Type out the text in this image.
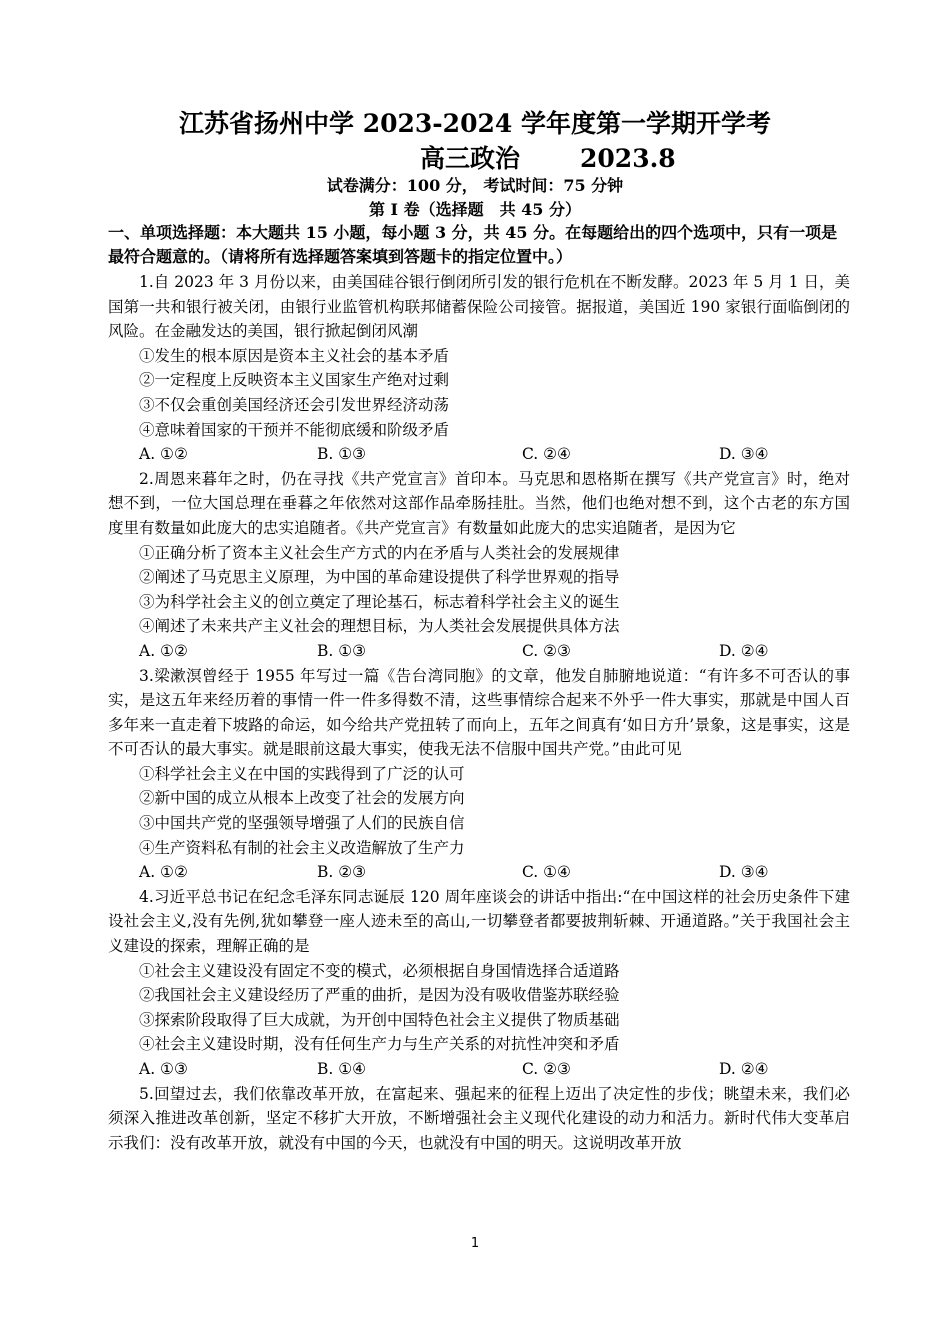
江苏省扬州中学 2023-2024 学年度第一学期开学考
高三政治 2023.8
试卷满分：100 分， 考试时间：75 分钟
第 Ⅰ 卷（选择题　共 45 分）
一、单项选择题：本大题共 15 小题，每小题 3 分，共 45 分。在每题给出的四个选项中，只有一项是最符合题意的。（请将所有选择题答案填到答题卡的指定位置中。）

1.自 2023 年 3 月份以来，由美国硅谷银行倒闭所引发的银行危机在不断发酵。2023 年 5 月 1 日，美国第一共和银行被关闭，由银行业监管机构联邦储蓄保险公司接管。据报道，美国近 190 家银行面临倒闭的风险。在金融发达的美国，银行掀起倒闭风潮

①发生的根本原因是资本主义社会的基本矛盾

②一定程度上反映资本主义国家生产绝对过剩

③不仅会重创美国经济还会引发世界经济动荡

④意味着国家的干预并不能彻底缓和阶级矛盾

A. ①②	B. ①③	C. ②④	D. ③④

2.周恩来暮年之时，仍在寻找《共产党宣言》首印本。马克思和恩格斯在撰写《共产党宣言》时，绝对想不到，一位大国总理在垂暮之年依然对这部作品牵肠挂肚。当然，他们也绝对想不到，这个古老的东方国度里有数量如此庞大的忠实追随者。《共产党宣言》有数量如此庞大的忠实追随者，是因为它

①正确分析了资本主义社会生产方式的内在矛盾与人类社会的发展规律

②阐述了马克思主义原理，为中国的革命建设提供了科学世界观的指导

③为科学社会主义的创立奠定了理论基石，标志着科学社会主义的诞生

④阐述了未来共产主义社会的理想目标，为人类社会发展提供具体方法

A. ①②	B. ①③	C. ②③	D. ②④

3.梁漱溟曾经于 1955 年写过一篇《告台湾同胞》的文章，他发自肺腑地说道：“有许多不可否认的事实，是这五年来经历着的事情一件一件多得数不清，这些事情综合起来不外乎一件大事实，那就是中国人百多年来一直走着下坡路的命运，如今给共产党扭转了而向上，五年之间真有‘如日方升’景象，这是事实，这是不可否认的最大事实。就是眼前这最大事实，使我无法不信服中国共产党。”由此可见

①科学社会主义在中国的实践得到了广泛的认可

②新中国的成立从根本上改变了社会的发展方向

③中国共产党的坚强领导增强了人们的民族自信

④生产资料私有制的社会主义改造解放了生产力

A. ①②	B. ②③	C. ①④	D. ③④

4.习近平总书记在纪念毛泽东同志诞辰 120 周年座谈会的讲话中指出:“在中国这样的社会历史条件下建设社会主义,没有先例,犹如攀登一座人迹未至的高山,一切攀登者都要披荆斩棘、开通道路。”关于我国社会主义建设的探索，理解正确的是

①社会主义建设没有固定不变的模式，必须根据自身国情选择合适道路

②我国社会主义建设经历了严重的曲折，是因为没有吸收借鉴苏联经验

③探索阶段取得了巨大成就，为开创中国特色社会主义提供了物质基础

④社会主义建设时期，没有任何生产力与生产关系的对抗性冲突和矛盾

A. ①③	B. ①④	C. ②③	D. ②④

5.回望过去，我们依靠改革开放，在富起来、强起来的征程上迈出了决定性的步伐；眺望未来，我们必须深入推进改革创新，坚定不移扩大开放，不断增强社会主义现代化建设的动力和活力。新时代伟大变革启示我们：没有改革开放，就没有中国的今天，也就没有中国的明天。这说明改革开放

1
